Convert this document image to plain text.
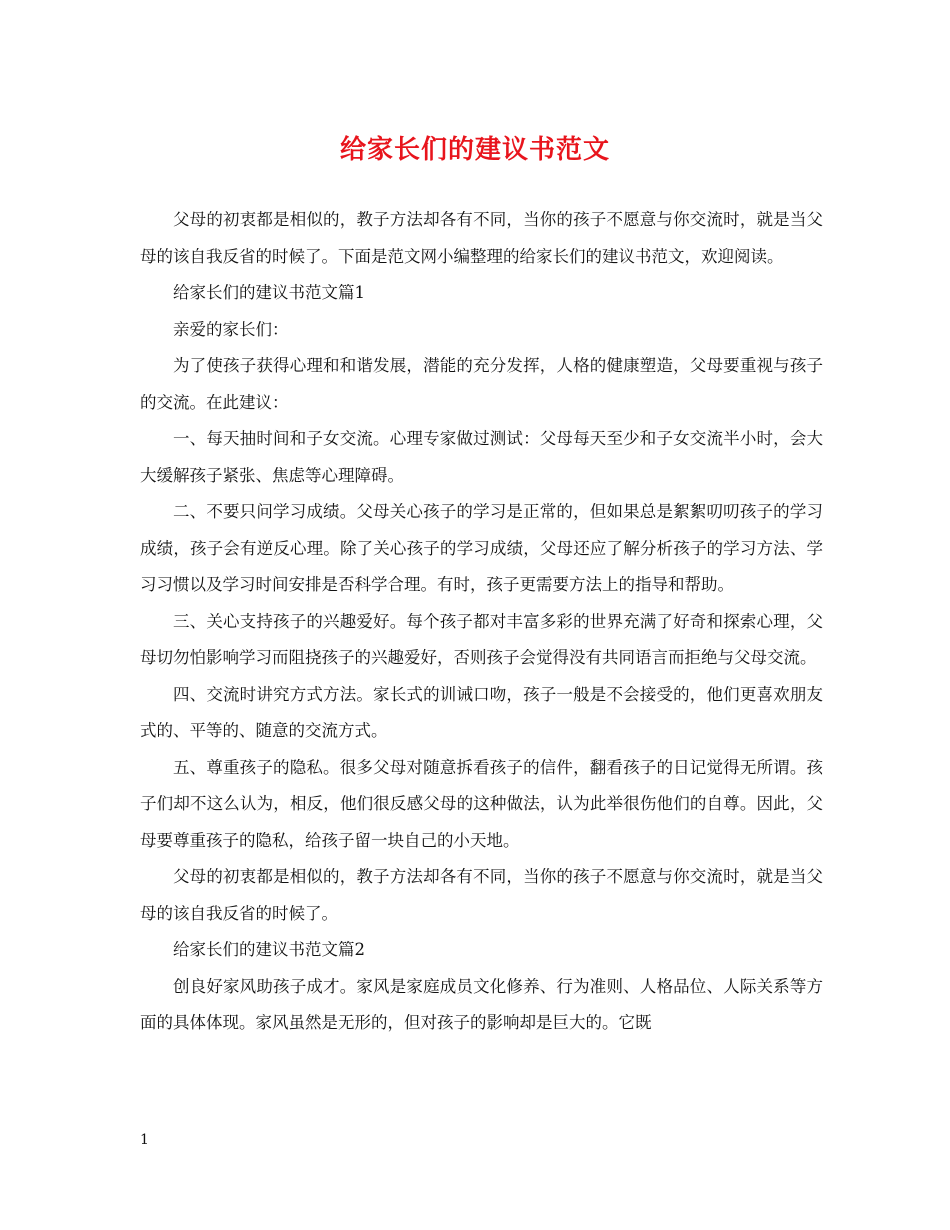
给家长们的建议书范文

父母的初衷都是相似的，教子方法却各有不同，当你的孩子不愿意与你交流时，就是当父母的该自我反省的时候了。下面是范文网小编整理的给家长们的建议书范文，欢迎阅读。

给家长们的建议书范文篇1

亲爱的家长们：

为了使孩子获得心理和和谐发展，潜能的充分发挥，人格的健康塑造，父母要重视与孩子的交流。在此建议：

一、每天抽时间和子女交流。心理专家做过测试：父母每天至少和子女交流半小时，会大大缓解孩子紧张、焦虑等心理障碍。

二、不要只问学习成绩。父母关心孩子的学习是正常的，但如果总是絮絮叨叨孩子的学习成绩，孩子会有逆反心理。除了关心孩子的学习成绩，父母还应了解分析孩子的学习方法、学习习惯以及学习时间安排是否科学合理。有时，孩子更需要方法上的指导和帮助。

三、关心支持孩子的兴趣爱好。每个孩子都对丰富多彩的世界充满了好奇和探索心理，父母切勿怕影响学习而阻挠孩子的兴趣爱好，否则孩子会觉得没有共同语言而拒绝与父母交流。

四、交流时讲究方式方法。家长式的训诫口吻，孩子一般是不会接受的，他们更喜欢朋友式的、平等的、随意的交流方式。

五、尊重孩子的隐私。很多父母对随意拆看孩子的信件，翻看孩子的日记觉得无所谓。孩子们却不这么认为，相反，他们很反感父母的这种做法，认为此举很伤他们的自尊。因此，父母要尊重孩子的隐私，给孩子留一块自己的小天地。

父母的初衷都是相似的，教子方法却各有不同，当你的孩子不愿意与你交流时，就是当父母的该自我反省的时候了。

给家长们的建议书范文篇2

创良好家风助孩子成才。家风是家庭成员文化修养、行为准则、人格品位、人际关系等方面的具体体现。家风虽然是无形的，但对孩子的影响却是巨大的。它既

1
